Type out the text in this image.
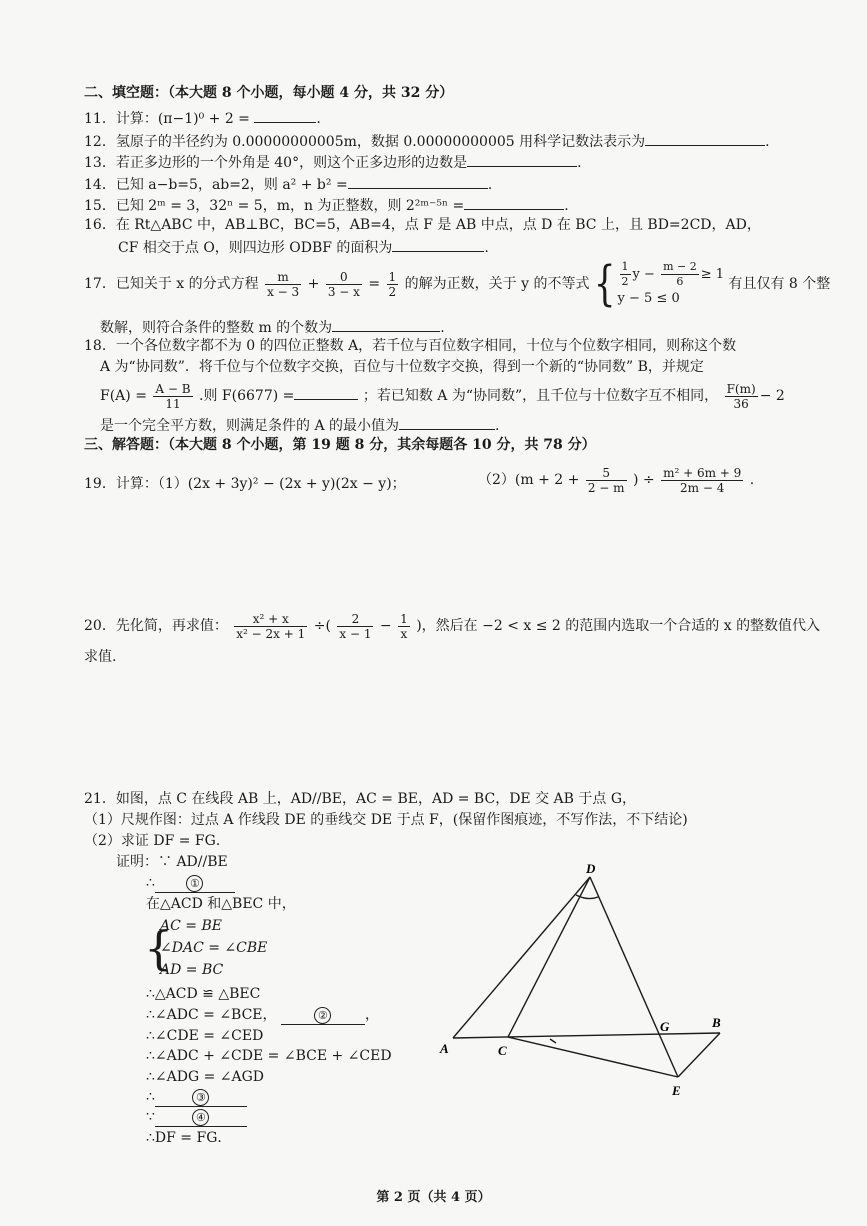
二、填空题：（本大题 8 个小题，每小题 4 分，共 32 分）
11．计算：(π−1)⁰ + 2 =	.
12．氢原子的半径约为 0.00000000005m，数据 0.00000000005 用科学记数法表示为	.
13．若正多边形的一个外角是 40°，则这个正多边形的边数是	.
14．已知 a−b=5，ab=2，则 a² + b² =	.
15．已知 2ᵐ = 3，32ⁿ = 5，m，n 为正整数，则 2²ᵐ⁻⁵ⁿ =	.
16．在 Rt△ABC 中，AB⊥BC，BC=5，AB=4，点 F 是 AB 中点，点 D 在 BC 上，且 BD=2CD，AD，
CF 相交于点 O，则四边形 ODBF 的面积为	.
17．已知关于 x 的分式方程 $\frac{m}{x - 3} + \frac{0}{3 - x} = \frac{1}{2}$ 的解为正数，关于 y 的不等式 { $\frac{1}{2}$ $y - \frac{m - 2}{6} \ge 1$
y − 5 ≤ 0
有且仅有 8 个整
数解，则符合条件的整数 m 的个数为	.
18．一个各位数字都不为 0 的四位正整数 A，若千位与百位数字相同，十位与个位数字相同，则称这个数
A 为“协同数”．将千位与个位数字交换，百位与十位数字交换，得到一个新的“协同数” B，并规定
$F(A) = \frac{A - B}{11}$ .则 F(6677) =	；若已知数 A 为“协同数”，且千位与十位数字互不相同， $\frac{F(m)}{36} - 2$
是一个完全平方数，则满足条件的 A 的最小值为	.
三、解答题：（本大题 8 个小题，第 19 题 8 分，其余每题各 10 分，共 78 分）
19．计算：（1）(2x + 3y)² − (2x + y)(2x − y)；	$(2)(m + 2 + \frac{5}{2 - m}$ ) ÷ $\frac{\text{m² + 6m + 9}}{2m - 4}$ .
20．先化简，再求值： $\frac{\text{x² + x}}{\text{x² − 2x + 1}}$ ÷( $\frac{2}{x - 1} - \frac{1}{x}$ )，然后在 −2 < x ≤ 2 的范围内选取一个合适的 x 的整数值代入
求值.
21．如图，点 C 在线段 AB 上，AD//BE，AC = BE，AD = BC，DE 交 AB 于点 G，
（1）尺规作图：过点 A 作线段 DE 的垂线交 DE 于点 F，(保留作图痕迹，不写作法，不下结论)
（2）求证 DF = FG．
证明：∵ AD//BE
∴	①
在△ACD 和△BEC 中，
{
AC = BE
∠DAC = ∠CBE
AD = BC
∴△ACD ≌ △BEC
∴∠ADC = ∠BCE，	②	，
∴∠CDE = ∠CED
∴∠ADC + ∠CDE = ∠BCE + ∠CED
∴∠ADG = ∠AGD
∴	③
∵	④
∴DF = FG．
D
A	C
G	B
E
第 2 页（共 4 页）
